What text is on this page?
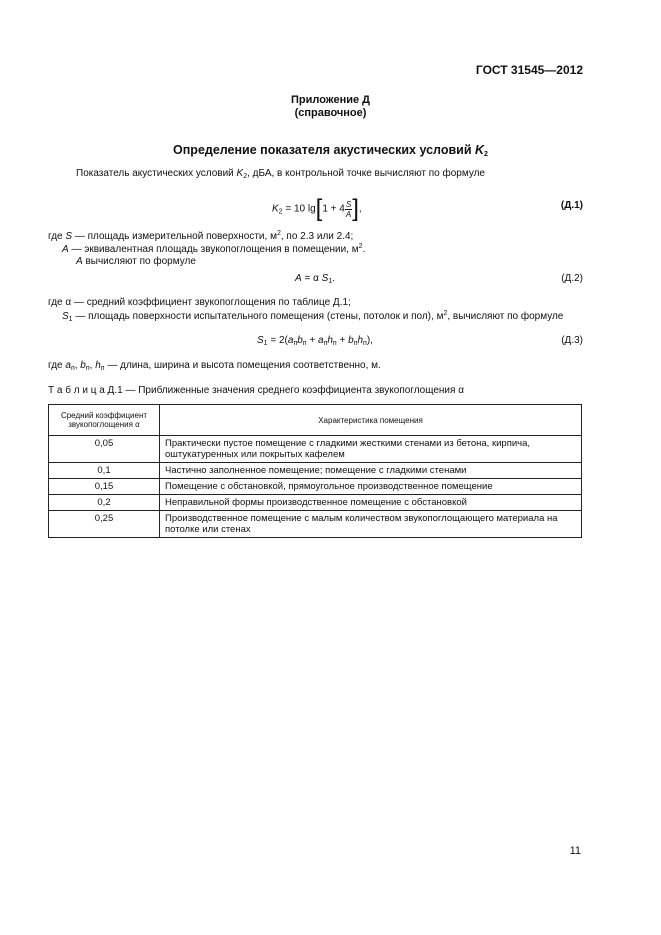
ГОСТ 31545—2012
Приложение Д
(справочное)
Определение показателя акустических условий $K_2$
Показатель акустических условий $K_2$, дБА, в контрольной точке вычисляют по формуле
$K_2 = 10$ $\lg[1 + 4 \frac{S}{A}]$,	(Д.1)
где S — площадь измерительной поверхности, $м^2$, по 2.3 или 2.4;
A — эквивалентная площадь звукопоглощения в помещении, $м^2$.
A вычисляют по формуле
A = α $S_1$.	(Д.2)
где α — средний коэффициент звукопоглощения по таблице Д.1;
$S_1$ — площадь поверхности испытательного помещения (стены, потолок и пол), $м^2$, вычисляют по формуле
$S_1 = 2(a_пb_п + a_пh_п + b_пh_п)$,	(Д.3)
где $a_п$, $b_п$, $h_п$ — длина, ширина и высота помещения соответственно, м.
Т а б л и ц а Д.1 — Приближенные значения среднего коэффициента звукопоглощения α
Средний коэффициент звукопоглощения α	Характеристика помещения
0,05	Практически пустое помещение с гладкими жесткими стенами из бетона, кирпича, оштукатуренных или покрытых кафелем
0,1	Частично заполненное помещение; помещение с гладкими стенами
0,15	Помещение с обстановкой, прямоугольное производственное помещение
0,2	Неправильной формы производственное помещение с обстановкой
0,25	Производственное помещение с малым количеством звукопоглощающего материала на потолке или стенах
11
